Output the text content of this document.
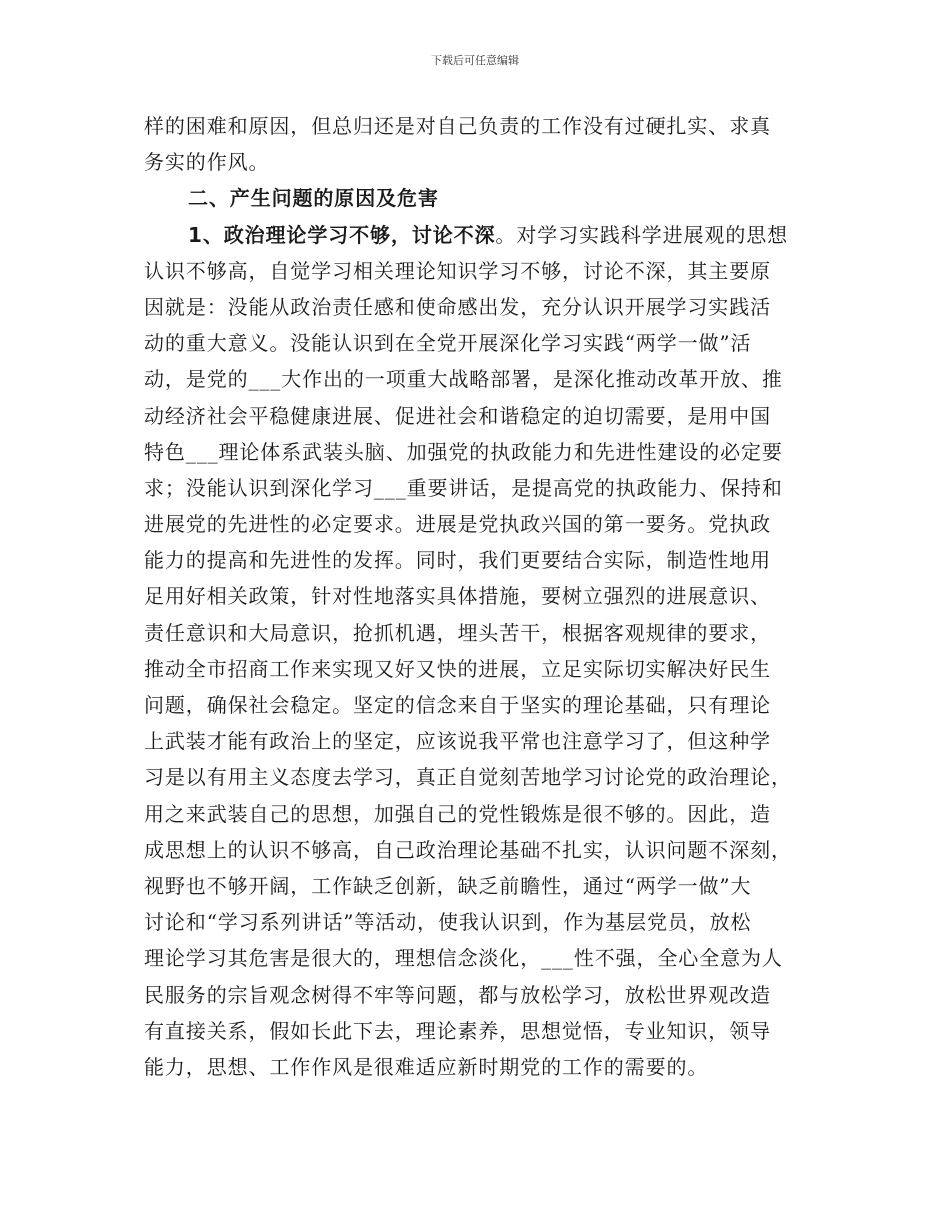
下载后可任意编辑
样的困难和原因，但总归还是对自己负责的工作没有过硬扎实、求真
务实的作风。
二、产生问题的原因及危害
1、政治理论学习不够，讨论不深。对学习实践科学进展观的思想
认识不够高，自觉学习相关理论知识学习不够，讨论不深，其主要原
因就是：没能从政治责任感和使命感出发，充分认识开展学习实践活
动的重大意义。没能认识到在全党开展深化学习实践“两学一做”活
动，是党的___大作出的一项重大战略部署，是深化推动改革开放、推
动经济社会平稳健康进展、促进社会和谐稳定的迫切需要，是用中国
特色___理论体系武装头脑、加强党的执政能力和先进性建设的必定要
求；没能认识到深化学习___重要讲话，是提高党的执政能力、保持和
进展党的先进性的必定要求。进展是党执政兴国的第一要务。党执政
能力的提高和先进性的发挥。同时，我们更要结合实际，制造性地用
足用好相关政策，针对性地落实具体措施，要树立强烈的进展意识、
责任意识和大局意识，抢抓机遇，埋头苦干，根据客观规律的要求，
推动全市招商工作来实现又好又快的进展，立足实际切实解决好民生
问题，确保社会稳定。坚定的信念来自于坚实的理论基础，只有理论
上武装才能有政治上的坚定，应该说我平常也注意学习了，但这种学
习是以有用主义态度去学习，真正自觉刻苦地学习讨论党的政治理论，
用之来武装自己的思想，加强自己的党性锻炼是很不够的。因此，造
成思想上的认识不够高，自己政治理论基础不扎实，认识问题不深刻，
视野也不够开阔，工作缺乏创新，缺乏前瞻性，通过“两学一做”大
讨论和“学习系列讲话”等活动，使我认识到，作为基层党员，放松
理论学习其危害是很大的，理想信念淡化，___性不强，全心全意为人
民服务的宗旨观念树得不牢等问题，都与放松学习，放松世界观改造
有直接关系，假如长此下去，理论素养，思想觉悟，专业知识，领导
能力，思想、工作作风是很难适应新时期党的工作的需要的。
